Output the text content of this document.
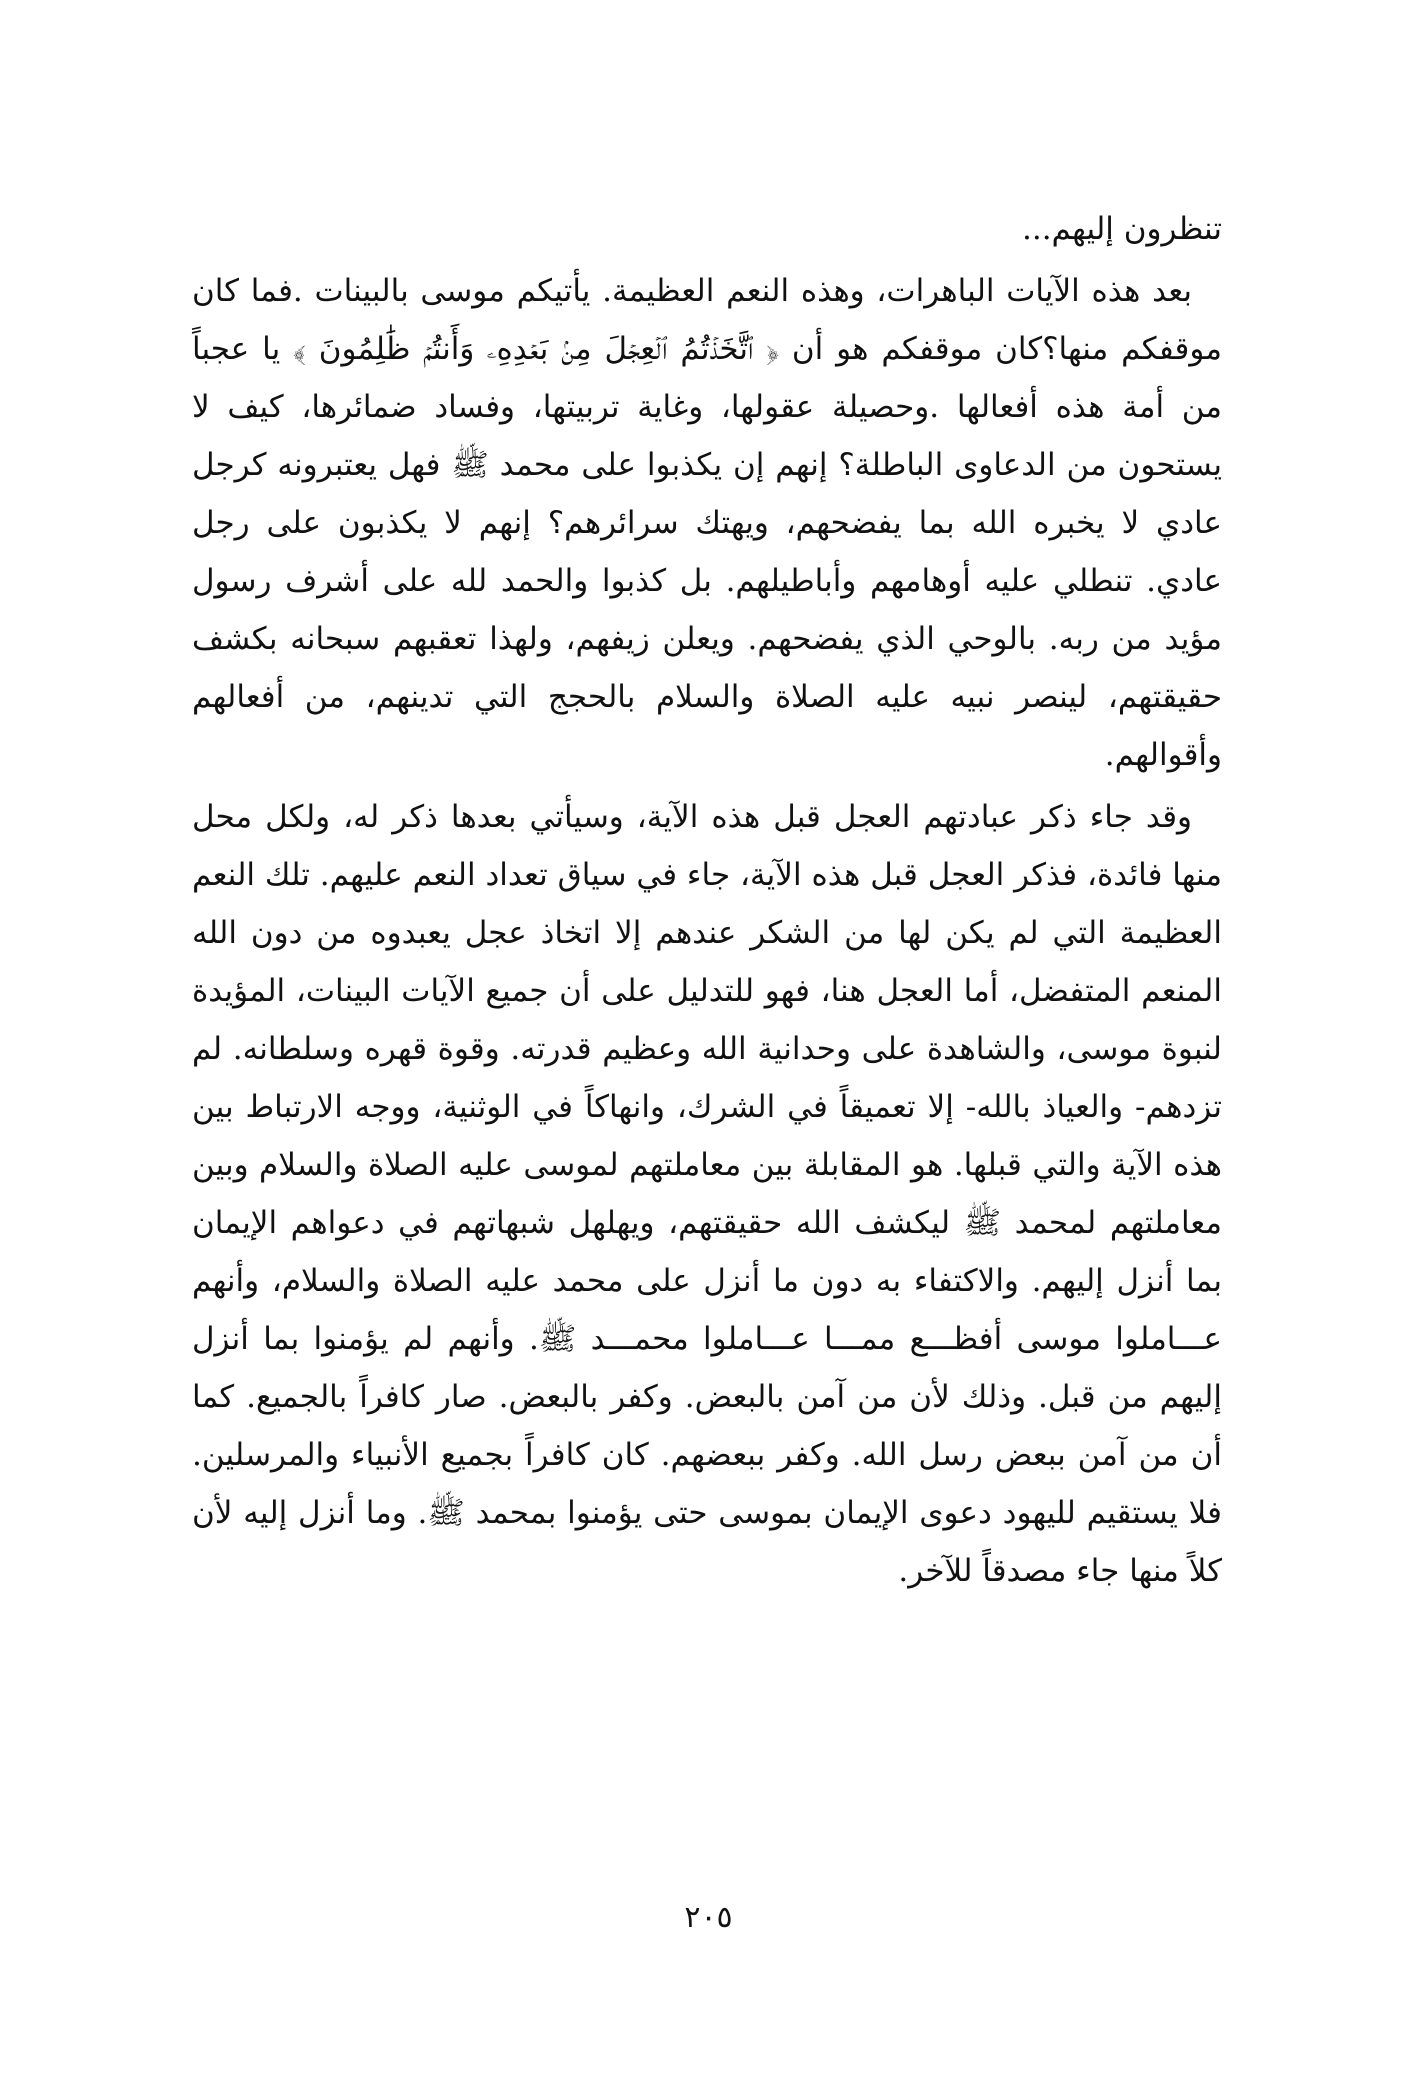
تنظرون إليهم...

بعد هذه الآيات الباهرات، وهذه النعم العظيمة. يأتيكم موسى بالبينات .فما كان موقفكم منها؟كان موقفكم هو أن ﴿ ٱتَّخَذۡتُمُ ٱلۡعِجۡلَ مِنۢ بَعۡدِهِۦ وَأَنتُمۡ ظَٰلِمُونَ ﴾ يا عجباً من أمة هذه أفعالها .وحصيلة عقولها، وغاية تربيتها، وفساد ضمائرها، كيف لا يستحون من الدعاوى الباطلة؟ إنهم إن يكذبوا على محمد ﷺ فهل يعتبرونه كرجل عادي لا يخبره الله بما يفضحهم، ويهتك سرائرهم؟ إنهم لا يكذبون على رجل عادي. تنطلي عليه أوهامهم وأباطيلهم. بل كذبوا والحمد لله على أشرف رسول مؤيد من ربه. بالوحي الذي يفضحهم. ويعلن زيفهم، ولهذا تعقبهم سبحانه بكشف حقيقتهم، لينصر نبيه عليه الصلاة والسلام بالحجج التي تدينهم، من أفعالهم وأقوالهم.

وقد جاء ذكر عبادتهم العجل قبل هذه الآية، وسيأتي بعدها ذكر له، ولكل محل منها فائدة، فذكر العجل قبل هذه الآية، جاء في سياق تعداد النعم عليهم. تلك النعم العظيمة التي لم يكن لها من الشكر عندهم إلا اتخاذ عجل يعبدوه من دون الله المنعم المتفضل، أما العجل هنا، فهو للتدليل على أن جميع الآيات البينات، المؤيدة لنبوة موسى، والشاهدة على وحدانية الله وعظيم قدرته. وقوة قهره وسلطانه. لم تزدهم- والعياذ بالله- إلا تعميقاً في الشرك، وانهاكاً في الوثنية، ووجه الارتباط بين هذه الآية والتي قبلها. هو المقابلة بين معاملتهم لموسى عليه الصلاة والسلام وبين معاملتهم لمحمد ﷺ ليكشف الله حقيقتهم، ويهلهل شبهاتهم في دعواهم الإيمان بما أنزل إليهم. والاكتفاء به دون ما أنزل على محمد عليه الصلاة والسلام، وأنهم عـــاملوا موسى أفظـــع ممـــا عـــاملوا محمـــد ﷺ. وأنهم لم يؤمنوا بما أنزل إليهم من قبل. وذلك لأن من آمن بالبعض. وكفر بالبعض. صار كافراً بالجميع. كما أن من آمن ببعض رسل الله. وكفر ببعضهم. كان كافراً بجميع الأنبياء والمرسلين. فلا يستقيم لليهود دعوى الإيمان بموسى حتى يؤمنوا بمحمد ﷺ. وما أنزل إليه لأن كلاً منها جاء مصدقاً للآخر.

٢٠٥
